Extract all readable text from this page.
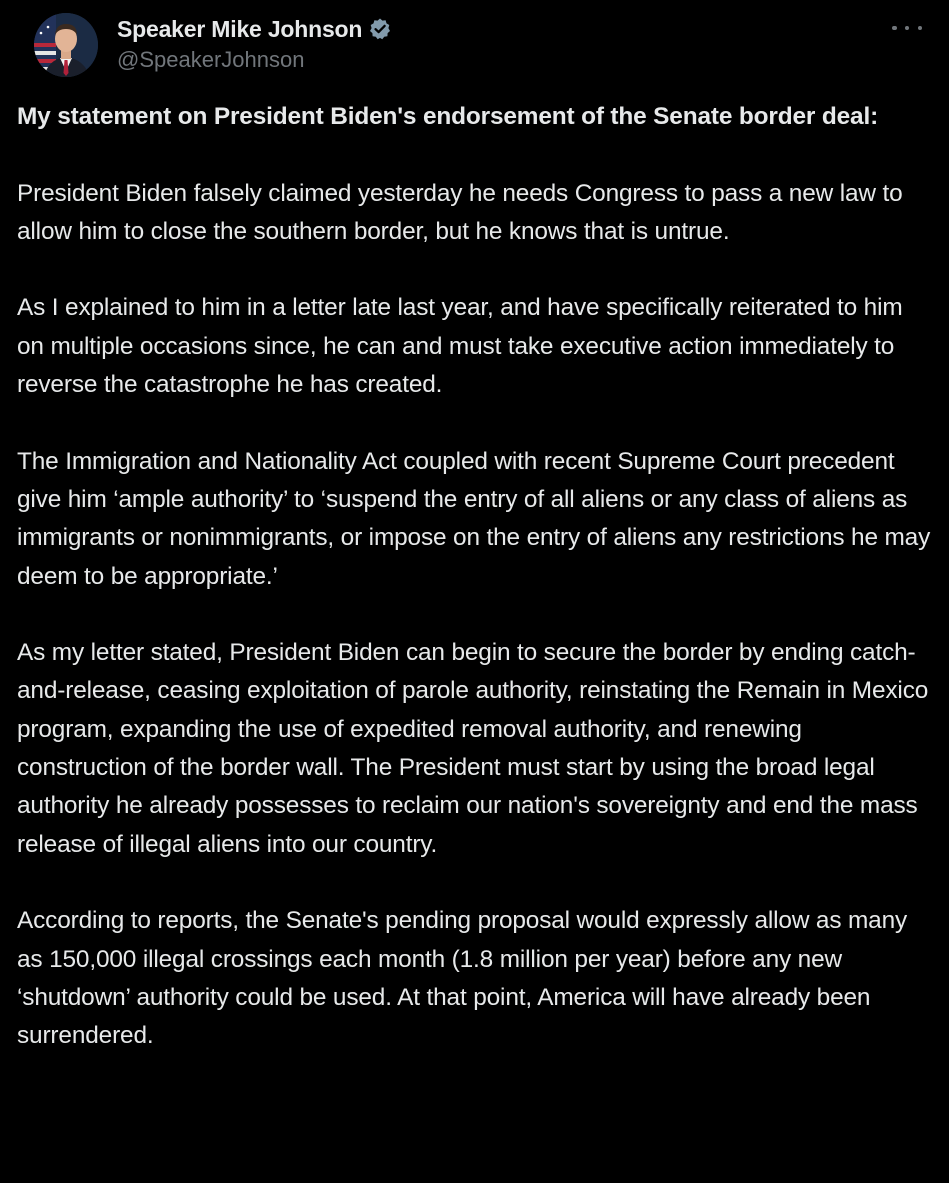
Speaker Mike Johnson
@SpeakerJohnson

My statement on President Biden's endorsement of the Senate border deal:

President Biden falsely claimed yesterday he needs Congress to pass a new law to allow him to close the southern border, but he knows that is untrue.

As I explained to him in a letter late last year, and have specifically reiterated to him on multiple occasions since, he can and must take executive action immediately to reverse the catastrophe he has created.

The Immigration and Nationality Act coupled with recent Supreme Court precedent give him ‘ample authority’ to ‘suspend the entry of all aliens or any class of aliens as immigrants or nonimmigrants, or impose on the entry of aliens any restrictions he may deem to be appropriate.’

As my letter stated, President Biden can begin to secure the border by ending catch-and-release, ceasing exploitation of parole authority, reinstating the Remain in Mexico program, expanding the use of expedited removal authority, and renewing construction of the border wall. The President must start by using the broad legal authority he already possesses to reclaim our nation's sovereignty and end the mass release of illegal aliens into our country.

According to reports, the Senate's pending proposal would expressly allow as many as 150,000 illegal crossings each month (1.8 million per year) before any new ‘shutdown’ authority could be used. At that point, America will have already been surrendered.
